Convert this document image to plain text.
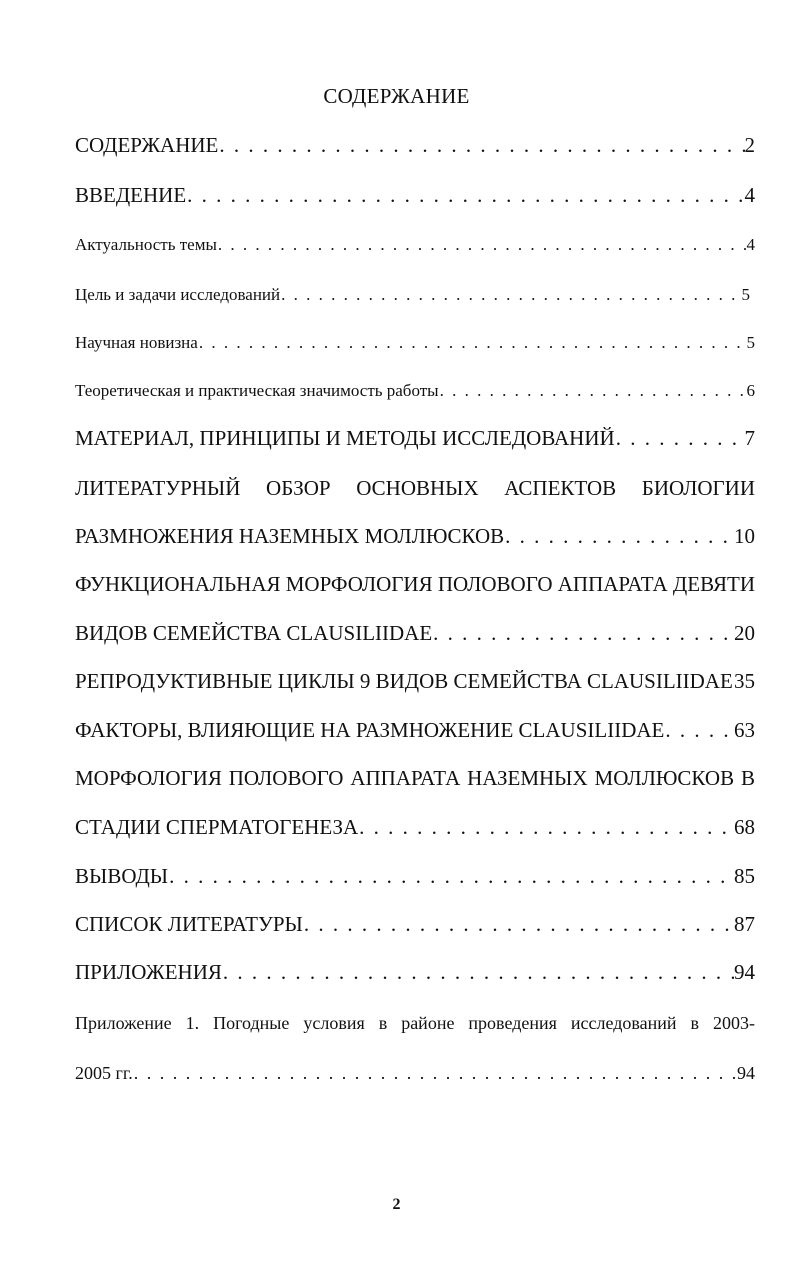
СОДЕРЖАНИЕ
СОДЕРЖАНИЕ . . .	2
ВВЕДЕНИЕ . . .	4
Актуальность темы . . .	4
Цель и задачи исследований . . .	5
Научная новизна . . .	5
Теоретическая и практическая значимость работы . . .	6
МАТЕРИАЛ, ПРИНЦИПЫ И МЕТОДЫ ИССЛЕДОВАНИЙ . . .	7
ЛИТЕРАТУРНЫЙ ОБЗОР ОСНОВНЫХ АСПЕКТОВ БИОЛОГИИ
РАЗМНОЖЕНИЯ НАЗЕМНЫХ МОЛЛЮСКОВ . . .	10
ФУНКЦИОНАЛЬНАЯ МОРФОЛОГИЯ ПОЛОВОГО АППАРАТА ДЕВЯТИ
ВИДОВ СЕМЕЙСТВА CLAUSILIIDAE . . .	20
РЕПРОДУКТИВНЫЕ ЦИКЛЫ 9 ВИДОВ СЕМЕЙСТВА CLAUSILIIDAE . . . 35
ФАКТОРЫ, ВЛИЯЮЩИЕ НА РАЗМНОЖЕНИЕ CLAUSILIIDAE . . .	63
МОРФОЛОГИЯ ПОЛОВОГО АППАРАТА НАЗЕМНЫХ МОЛЛЮСКОВ В
СТАДИИ СПЕРМАТОГЕНЕЗА . . .	68
ВЫВОДЫ . . .	85
СПИСОК ЛИТЕРАТУРЫ . . .	87
ПРИЛОЖЕНИЯ . . .	94
Приложение 1. Погодные условия в районе проведения исследований в 2003-
2005 гг. . . .	94
2
